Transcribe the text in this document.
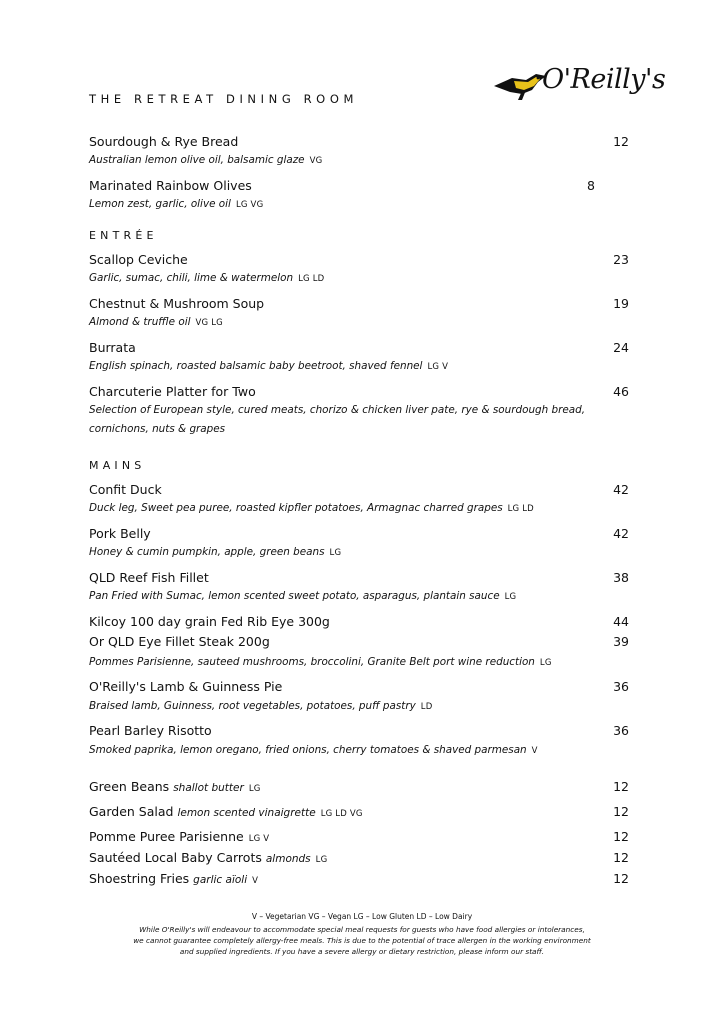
O'Reilly's
THE RETREAT DINING ROOM
Sourdough & Rye Bread	12
Australian lemon olive oil, balsamic glaze VG
Marinated Rainbow Olives	8
Lemon zest, garlic, olive oil LG VG
ENTRÉE
Scallop Ceviche	23
Garlic, sumac, chili, lime & watermelon LG LD
Chestnut & Mushroom Soup	19
Almond & truffle oil VG LG
Burrata	24
English spinach, roasted balsamic baby beetroot, shaved fennel LG V
Charcuterie Platter for Two	46
Selection of European style, cured meats, chorizo & chicken liver pate, rye & sourdough bread, cornichons, nuts & grapes
MAINS
Confit Duck	42
Duck leg, Sweet pea puree, roasted kipfler potatoes, Armagnac charred grapes LG LD
Pork Belly	42
Honey & cumin pumpkin, apple, green beans LG
QLD Reef Fish Fillet	38
Pan Fried with Sumac, lemon scented sweet potato, asparagus, plantain sauce LG
Kilcoy 100 day grain Fed Rib Eye 300g	44
Or QLD Eye Fillet Steak 200g	39
Pommes Parisienne, sauteed mushrooms, broccolini, Granite Belt port wine reduction LG
O'Reilly's Lamb & Guinness Pie	36
Braised lamb, Guinness, root vegetables, potatoes, puff pastry LD
Pearl Barley Risotto	36
Smoked paprika, lemon oregano, fried onions, cherry tomatoes & shaved parmesan V
Green Beans shallot butter LG	12
Garden Salad lemon scented vinaigrette LG LD VG	12
Pomme Puree Parisienne LG V	12
Sautéed Local Baby Carrots almonds LG	12
Shoestring Fries garlic aïoli V	12
V – Vegetarian VG – Vegan LG – Low Gluten LD – Low Dairy
While O'Reilly's will endeavour to accommodate special meal requests for guests who have food allergies or intolerances,
we cannot guarantee completely allergy-free meals. This is due to the potential of trace allergen in the working environment
and supplied ingredients. If you have a severe allergy or dietary restriction, please inform our staff.
